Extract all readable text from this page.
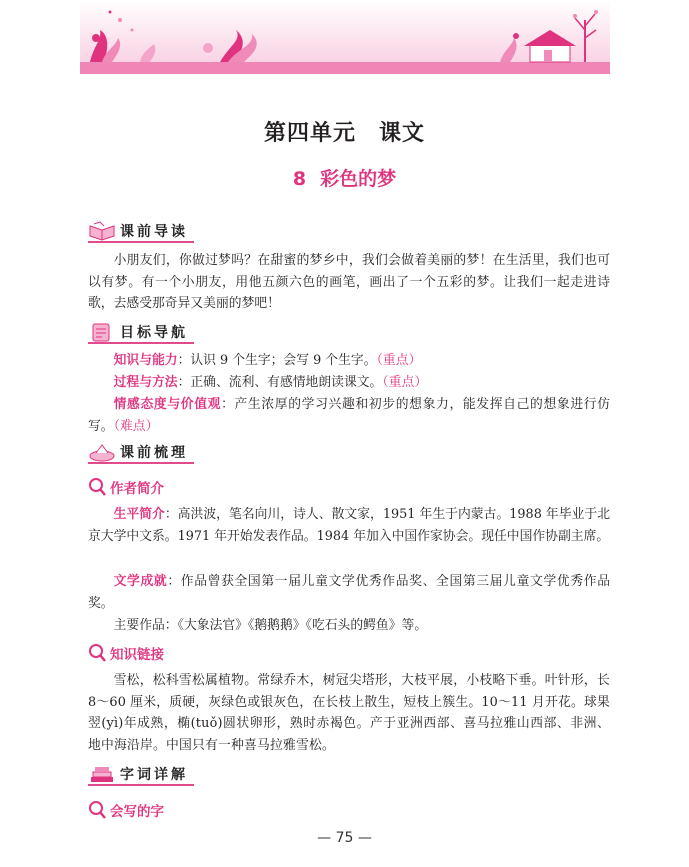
第四单元　课文
8 彩色的梦
课前导读

小朋友们，你做过梦吗？在甜蜜的梦乡中，我们会做着美丽的梦！在生活里，我们也可以有梦。有一个小朋友，用他五颜六色的画笔，画出了一个五彩的梦。让我们一起走进诗歌，去感受那奇异又美丽的梦吧！

目标导航

知识与能力：认识 9 个生字；会写 9 个生字。（重点）

过程与方法：正确、流利、有感情地朗读课文。（重点）

情感态度与价值观：产生浓厚的学习兴趣和初步的想象力，能发挥自己的想象进行仿写。（难点）

课前梳理
作者简介

生平简介：高洪波，笔名向川，诗人、散文家，1951 年生于内蒙古。1988 年毕业于北京大学中文系。1971 年开始发表作品。1984 年加入中国作家协会。现任中国作协副主席。

文学成就：作品曾获全国第一届儿童文学优秀作品奖、全国第三届儿童文学优秀作品奖。

主要作品：《大象法官》《鹅鹅鹅》《吃石头的鳄鱼》等。

知识链接

雪松，松科雪松属植物。常绿乔木，树冠尖塔形，大枝平展，小枝略下垂。叶针形，长 8～60 厘米，质硬，灰绿色或银灰色，在长枝上散生，短枝上簇生。10～11 月开花。球果翌(yì)年成熟，椭(tuǒ)圆状卵形，熟时赤褐色。产于亚洲西部、喜马拉雅山西部、非洲、地中海沿岸。中国只有一种喜马拉雅雪松。

字词详解
会写的字
— 75 —
